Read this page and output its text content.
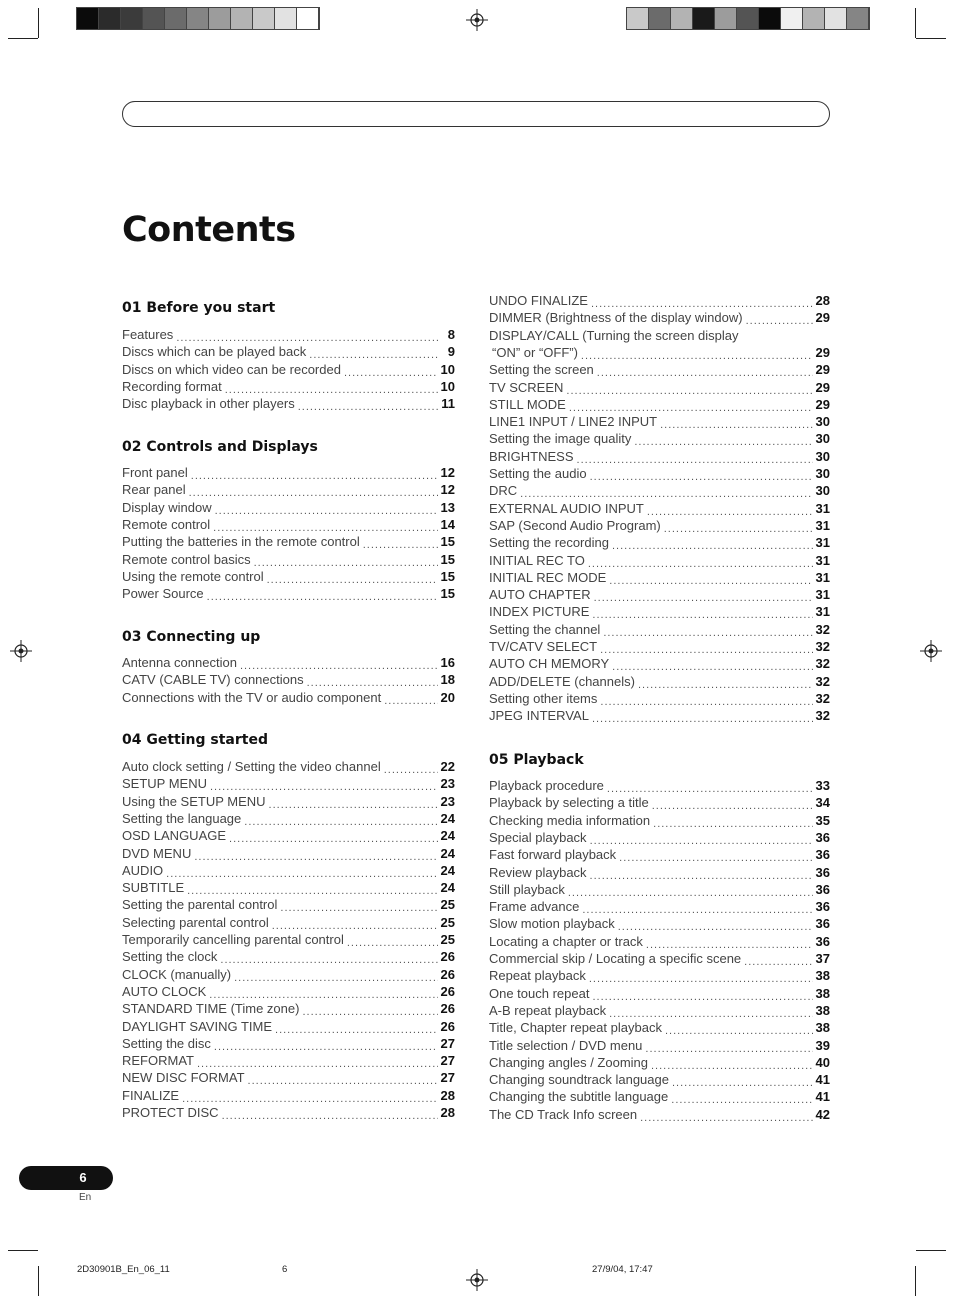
Contents
01 Before you start
Features .....	8
Discs which can be played back .....	9
Discs on which video can be recorded .....	10
Recording format .....	10
Disc playback in other players .....	11
02 Controls and Displays
Front panel .....	12
Rear panel .....	12
Display window .....	13
Remote control .....	14
Putting the batteries in the remote control .....	15
Remote control basics .....	15
Using the remote control .....	15
Power Source .....	15
03 Connecting up
Antenna connection .....	16
CATV (CABLE TV) connections .....	18
Connections with the TV or audio component .....	20
04 Getting started
Auto clock setting / Setting the video channel .....	22
SETUP MENU .....	23
Using the SETUP MENU .....	23
Setting the language .....	24
OSD LANGUAGE .....	24
DVD MENU .....	24
AUDIO .....	24
SUBTITLE .....	24
Setting the parental control .....	25
Selecting parental control .....	25
Temporarily cancelling parental control .....	25
Setting the clock .....	26
CLOCK (manually) .....	26
AUTO CLOCK .....	26
STANDARD TIME (Time zone) .....	26
DAYLIGHT SAVING TIME .....	26
Setting the disc .....	27
REFORMAT .....	27
NEW DISC FORMAT .....	27
FINALIZE .....	28
PROTECT DISC .....	28
UNDO FINALIZE .....	28
DIMMER (Brightness of the display window) .....	29
DISPLAY/CALL (Turning the screen display
“ON” or “OFF”) .....	29
Setting the screen .....	29
TV SCREEN .....	29
STILL MODE .....	29
LINE1 INPUT / LINE2 INPUT .....	30
Setting the image quality .....	30
BRIGHTNESS .....	30
Setting the audio .....	30
DRC .....	30
EXTERNAL AUDIO INPUT .....	31
SAP (Second Audio Program) .....	31
Setting the recording .....	31
INITIAL REC TO .....	31
INITIAL REC MODE .....	31
AUTO CHAPTER .....	31
INDEX PICTURE .....	31
Setting the channel .....	32
TV/CATV SELECT .....	32
AUTO CH MEMORY .....	32
ADD/DELETE (channels) .....	32
Setting other items .....	32
JPEG INTERVAL .....	32
05 Playback
Playback procedure .....	33
Playback by selecting a title .....	34
Checking media information .....	35
Special playback .....	36
Fast forward playback .....	36
Review playback .....	36
Still playback .....	36
Frame advance .....	36
Slow motion playback .....	36
Locating a chapter or track .....	36
Commercial skip / Locating a specific scene .....	37
Repeat playback .....	38
One touch repeat .....	38
A-B repeat playback .....	38
Title, Chapter repeat playback .....	38
Title selection / DVD menu .....	39
Changing angles / Zooming .....	40
Changing soundtrack language .....	41
Changing the subtitle language .....	41
The CD Track Info screen .....	42
6
En
2D30901B_En_06_11	6	27/9/04, 17:47
